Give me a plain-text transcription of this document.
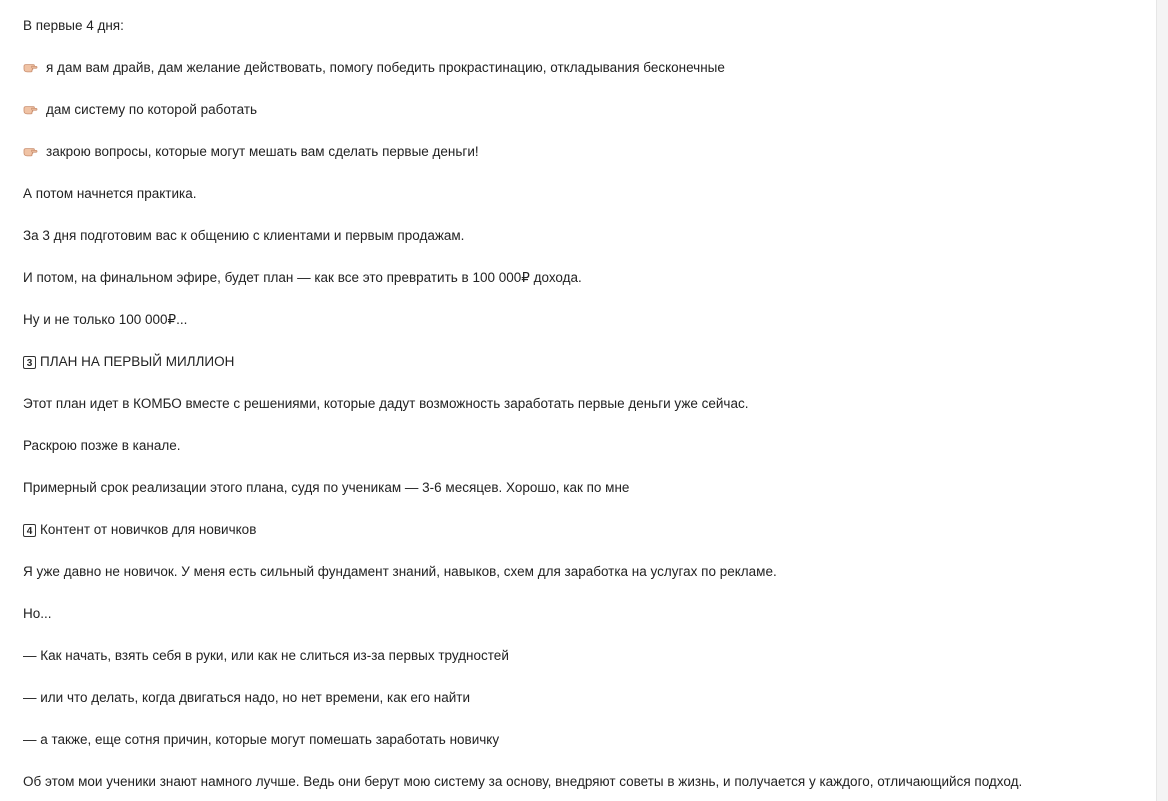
В первые 4 дня:
я дам вам драйв, дам желание действовать, помогу победить прокрастинацию, откладывания бесконечные
дам систему по которой работать
закрою вопросы, которые могут мешать вам сделать первые деньги!
А потом начнется практика.
За 3 дня подготовим вас к общению с клиентами и первым продажам.
И потом, на финальном эфире, будет план — как все это превратить в 100 000₽ дохода.
Ну и не только 100 000₽...
3 ПЛАН НА ПЕРВЫЙ МИЛЛИОН
Этот план идет в КОМБО вместе с решениями, которые дадут возможность заработать первые деньги уже сейчас.
Раскрою позже в канале.
Примерный срок реализации этого плана, судя по ученикам — 3-6 месяцев. Хорошо, как по мне
4 Контент от новичков для новичков
Я уже давно не новичок. У меня есть сильный фундамент знаний, навыков, схем для заработка на услугах по рекламе.
Но...
— Как начать, взять себя в руки, или как не слиться из-за первых трудностей
— или что делать, когда двигаться надо, но нет времени, как его найти
— а также, еще сотня причин, которые могут помешать заработать новичку
Об этом мои ученики знают намного лучше. Ведь они берут мою систему за основу, внедряют советы в жизнь, и получается у каждого, отличающийся подход.
